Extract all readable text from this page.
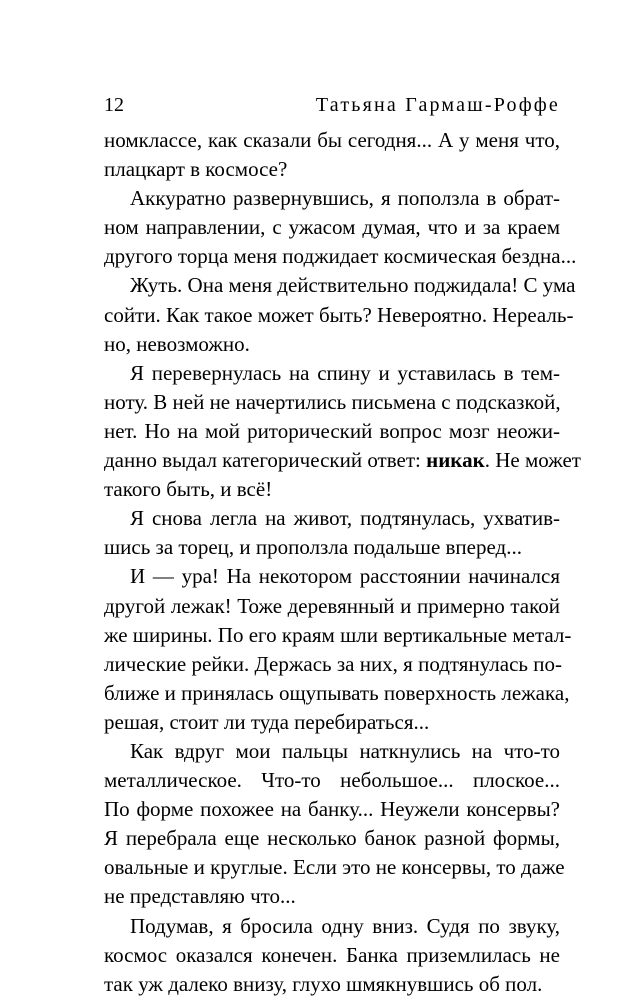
12	Татьяна Гармаш-Роффе

номклассе, как сказали бы сегодня... А у меня что,
плацкарт в космосе?

Аккуратно развернувшись, я поползла в обрат-
ном направлении, с ужасом думая, что и за краем
другого торца меня поджидает космическая бездна...

Жуть. Она меня действительно поджидала! С ума
сойти. Как такое может быть? Невероятно. Нереаль-
но, невозможно.

Я перевернулась на спину и уставилась в тем-
ноту. В ней не начертились письмена с подсказкой,
нет. Но на мой риторический вопрос мозг неожи-
данно выдал категорический ответ: никак. Не может
такого быть, и всё!

Я снова легла на живот, подтянулась, ухватив-
шись за торец, и проползла подальше вперед...

И — ура! На некотором расстоянии начинался
другой лежак! Тоже деревянный и примерно такой
же ширины. По его краям шли вертикальные метал-
лические рейки. Держась за них, я подтянулась по-
ближе и принялась ощупывать поверхность лежака,
решая, стоит ли туда перебираться...

Как вдруг мои пальцы наткнулись на что-то
металлическое. Что-то небольшое... плоское...
По форме похожее на банку... Неужели консервы?
Я перебрала еще несколько банок разной формы,
овальные и круглые. Если это не консервы, то даже
не представляю что...

Подумав, я бросила одну вниз. Судя по звуку,
космос оказался конечен. Банка приземлилась не
так уж далеко внизу, глухо шмякнувшись об пол.
